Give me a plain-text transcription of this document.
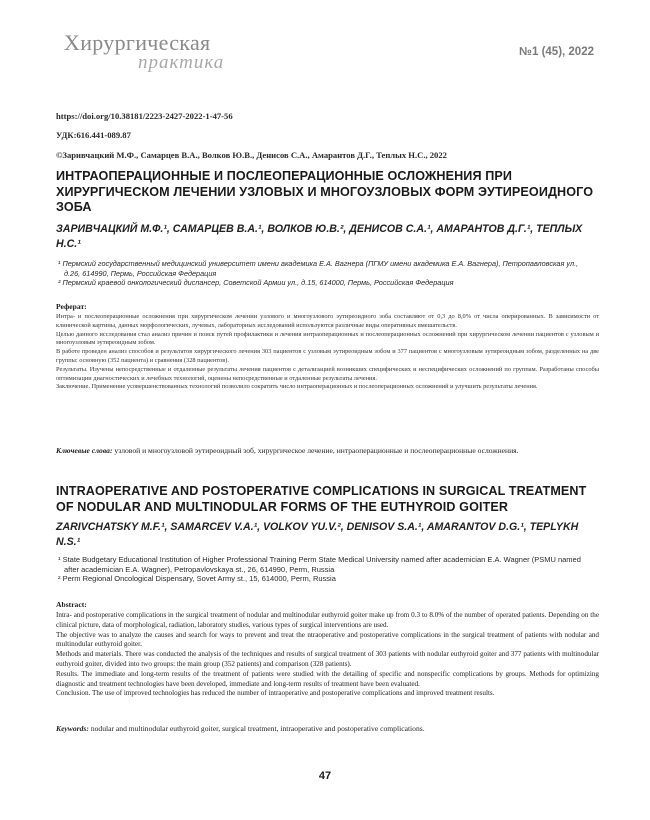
Хирургическая
практика	№1 (45), 2022
https://doi.org/10.38181/2223-2427-2022-1-47-56
УДК:616.441-089.87
©Заривчацкий М.Ф., Самарцев В.А., Волков Ю.В., Денисов С.А., Амарантов Д.Г., Теплых Н.С., 2022
ИНТРАОПЕРАЦИОННЫЕ И ПОСЛЕОПЕРАЦИОННЫЕ ОСЛОЖНЕНИЯ ПРИ ХИРУРГИЧЕСКОМ ЛЕЧЕНИИ УЗЛОВЫХ И МНОГОУЗЛОВЫХ ФОРМ ЭУТИРЕОИДНОГО ЗОБА
ЗАРИВЧАЦКИЙ М.Ф.¹, САМАРЦЕВ В.А.¹, ВОЛКОВ Ю.В.², ДЕНИСОВ С.А.¹, АМАРАНТОВ Д.Г.¹, ТЕПЛЫХ Н.С.¹
¹ Пермский государственный медицинский университет имени академика Е.А. Вагнера (ПГМУ имени академика Е.А. Вагнера), Петропавловская ул., д.26, 614990, Пермь, Российская Федерация
² Пермский краевой онкологический диспансер, Советской Армии ул., д.15, 614000, Пермь, Российская Федерация
Реферат:

Интра- и послеоперационные осложнения при хирургическом лечении узлового и многоузлового эутиреоидного зоба составляют от 0,3 до 8,0% от числа оперированных. В зависимости от клинической картины, данных морфологических, лучевых, лабораторных исследований используются различные виды оперативных вмешательств.

Целью данного исследования стал анализ причин и поиск путей профилактики и лечения интраоперационных и послеоперационных осложнений при хирургическом лечении пациентов с узловым и многоузловым эутиреоидным зобом.

В работе проведен анализ способов и результатов хирургического лечения 303 пациентов с узловым эутиреоидным зобом и 377 пациентов с многоузловым эутиреоидным зобом, разделенных на две группы: основную (352 пациента) и сравнения (328 пациентов).

Результаты. Изучены непосредственные и отдаленные результаты лечения пациентов с детализацией возникших специфических и неспецифических осложнений по группам. Разработаны способы оптимизации диагностических и лечебных технологий, оценены непосредственные и отдаленные результаты лечения.

Заключение. Применение усовершенствованных технологий позволило сократить число интраоперационных и послеоперационных осложнений и улучшить результаты лечения.

Ключевые слова: узловой и многоузловой эутиреоидный зоб, хирургическое лечение, интраоперационные и послеоперационные осложнения.
INTRAOPERATIVE AND POSTOPERATIVE COMPLICATIONS IN SURGICAL TREATMENT OF NODULAR AND MULTINODULAR FORMS OF THE EUTHYROID GOITER
ZARIVCHATSKY M.F.¹, SAMARCEV V.A.¹, VOLKOV YU.V.², DENISOV S.A.¹, AMARANTOV D.G.¹, TEPLYKH N.S.¹
¹ State Budgetary Educational Institution of Higher Professional Training Perm State Medical University named after academician E.A. Wagner (PSMU named after academician E.A. Wagner), Petropavlovskaya st., 26, 614990, Perm, Russia
² Perm Regional Oncological Dispensary, Sovet Army st., 15, 614000, Perm, Russia
Abstract:

Intra- and postoperative complications in the surgical treatment of nodular and multinodular euthyroid goiter make up from 0.3 to 8.0% of the number of operated patients. Depending on the clinical picture, data of morphological, radiation, laboratory studies, various types of surgical interventions are used.

The objective was to analyze the causes and search for ways to prevent and treat the ntraoperative and postoperative complications in the surgical treatment of patients with nodular and multinodular euthyroid goiter.

Methods and materials. There was conducted the analysis of the techniques and results of surgical treatment of 303 patients with nodular euthyroid goiter and 377 patients with multinodular euthyroid goiter, divided into two groups: the main group (352 patients) and comparison (328 patients).

Results. The immediate and long-term results of the treatment of patients were studied with the detailing of specific and nonspecific complications by groups. Methods for optimizing diagnostic and treatment technologies have been developed, immediate and long-term results of treatment have been evaluated.

Conclusion. The use of improved technologies has reduced the number of intraoperative and postoperative complications and improved treatment results.

Keywords: nodular and multinodular euthyroid goiter, surgical treatment, intraoperative and postoperative complications.
47
